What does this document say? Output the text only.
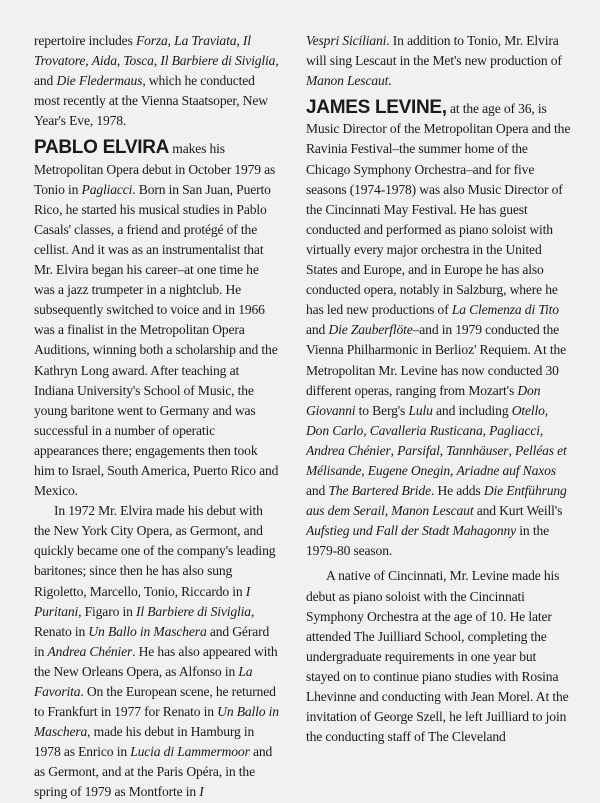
repertoire includes Forza, La Traviata, Il Trovatore, Aida, Tosca, Il Barbiere di Siviglia, and Die Fledermaus, which he conducted most recently at the Vienna Staatsoper, New Year's Eve, 1978.

PABLO ELVIRA makes his Metropolitan Opera debut in October 1979 as Tonio in Pagliacci. Born in San Juan, Puerto Rico, he started his musical studies in Pablo Casals' classes, a friend and protégé of the cellist. And it was as an instrumentalist that Mr. Elvira began his career–at one time he was a jazz trumpeter in a nightclub. He subsequently switched to voice and in 1966 was a finalist in the Metropolitan Opera Auditions, winning both a scholarship and the Kathryn Long award. After teaching at Indiana University's School of Music, the young baritone went to Germany and was successful in a number of operatic appearances there; engagements then took him to Israel, South America, Puerto Rico and Mexico.

In 1972 Mr. Elvira made his debut with the New York City Opera, as Germont, and quickly became one of the company's leading baritones; since then he has also sung Rigoletto, Marcello, Tonio, Riccardo in I Puritani, Figaro in Il Barbiere di Siviglia, Renato in Un Ballo in Maschera and Gérard in Andrea Chénier. He has also appeared with the New Orleans Opera, as Alfonso in La Favorita. On the European scene, he returned to Frankfurt in 1977 for Renato in Un Ballo in Maschera, made his debut in Hamburg in 1978 as Enrico in Lucia di Lammermoor and as Germont, and at the Paris Opéra, in the spring of 1979 as Montforte in I

Vespri Siciliani. In addition to Tonio, Mr. Elvira will sing Lescaut in the Met's new production of Manon Lescaut.

JAMES LEVINE, at the age of 36, is Music Director of the Metropolitan Opera and the Ravinia Festival–the summer home of the Chicago Symphony Orchestra–and for five seasons (1974-1978) was also Music Director of the Cincinnati May Festival. He has guest conducted and performed as piano soloist with virtually every major orchestra in the United States and Europe, and in Europe he has also conducted opera, notably in Salzburg, where he has led new productions of La Clemenza di Tito and Die Zauberflöte–and in 1979 conducted the Vienna Philharmonic in Berlioz' Requiem. At the Metropolitan Mr. Levine has now conducted 30 different operas, ranging from Mozart's Don Giovanni to Berg's Lulu and including Otello, Don Carlo, Cavalleria Rusticana, Pagliacci, Andrea Chénier, Parsifal, Tannhäuser, Pelléas et Mélisande, Eugene Onegin, Ariadne auf Naxos and The Bartered Bride. He adds Die Entführung aus dem Serail, Manon Lescaut and Kurt Weill's Aufstieg und Fall der Stadt Mahagonny in the 1979-80 season.

A native of Cincinnati, Mr. Levine made his debut as piano soloist with the Cincinnati Symphony Orchestra at the age of 10. He later attended The Juilliard School, completing the undergraduate requirements in one year but stayed on to continue piano studies with Rosina Lhevinne and conducting with Jean Morel. At the invitation of George Szell, he left Juilliard to join the conducting staff of The Cleveland
